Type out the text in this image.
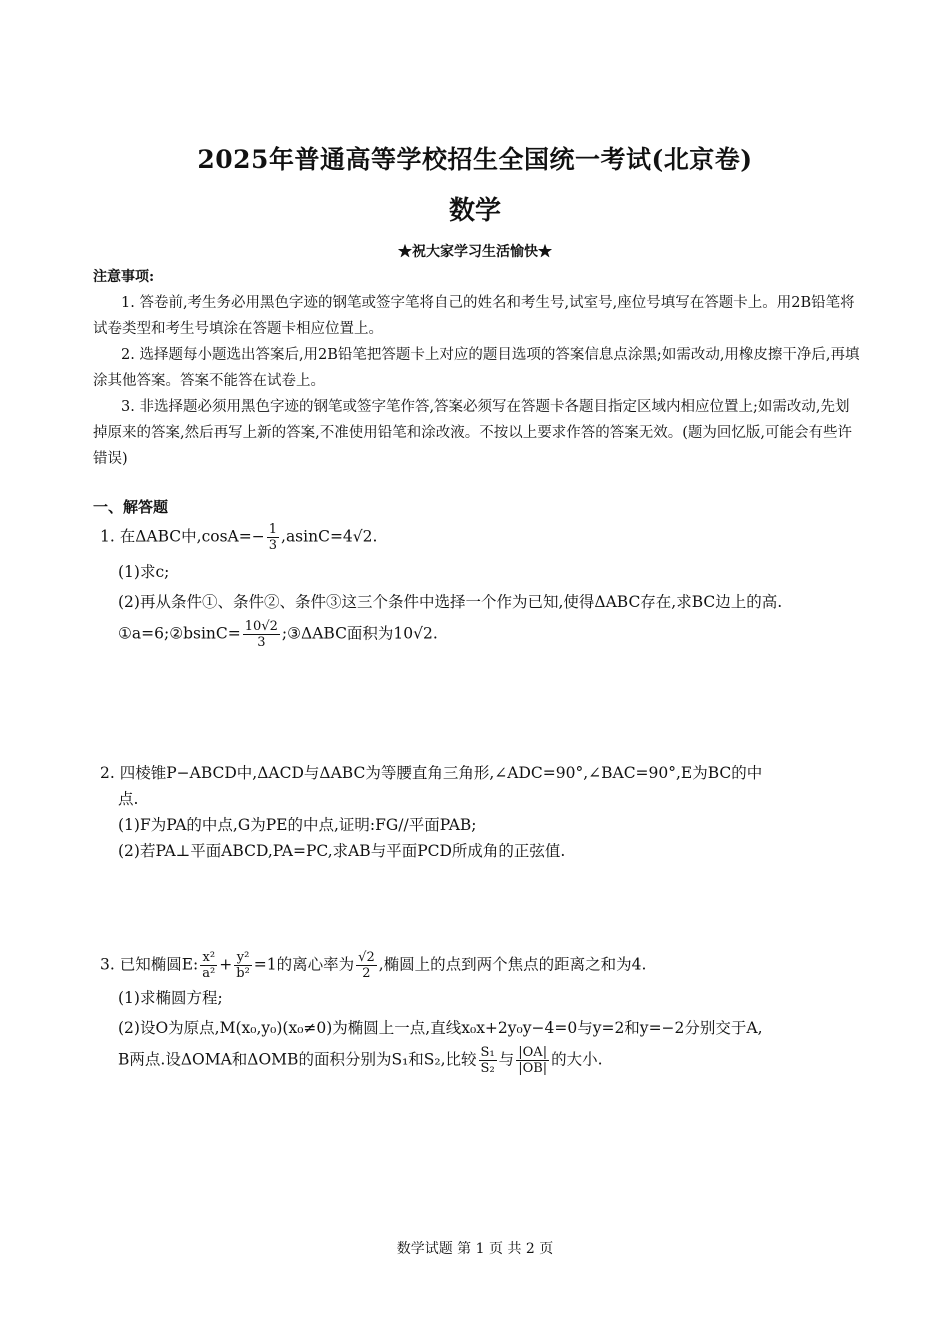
2025年普通高等学校招生全国统一考试(北京卷)
数学
★祝大家学习生活愉快★
注意事项:

1. 答卷前,考生务必用黑色字迹的钢笔或签字笔将自己的姓名和考生号,试室号,座位号填写在答题卡上。用2B铅笔将试卷类型和考生号填涂在答题卡相应位置上。

2. 选择题每小题选出答案后,用2B铅笔把答题卡上对应的题目选项的答案信息点涂黑;如需改动,用橡皮擦干净后,再填涂其他答案。答案不能答在试卷上。

3. 非选择题必须用黑色字迹的钢笔或签字笔作答,答案必须写在答题卡各题目指定区域内相应位置上;如需改动,先划掉原来的答案,然后再写上新的答案,不准使用铅笔和涂改液。不按以上要求作答的答案无效。(题为回忆版,可能会有些许错误)

一、解答题
1. 在ΔABC中$,\cos A=- \frac{1}{3} ,asinC=4√2$.
(1)求c;
(2)再从条件①、条件②、条件③这三个条件中选择一个作为已知,使得ΔABC存在,求BC边上的高.
①a=6;②bsinC= $\frac{10√2}{3}$ ;③ΔABC面积为10√2.
2. 四棱锥P−ABCD中,ΔACD与ΔABC为等腰直角三角形,∠ADC=90°,∠BAC=90°,E为BC的中
点.
(1)F为PA的中点,G为PE的中点,证明:FG//平面PAB;
(2)若PA⊥平面ABCD,PA=PC,求AB与平面PCD所成角的正弦值.
3. 已知椭圆E: $\frac{\text{x²}}{\text{a²}} + \frac{\text{y²}}{\text{b²}} =1$的离心率为 $\frac{√2}{2}$ ,椭圆上的点到两个焦点的距离之和为4.
(1)求椭圆方程;
(2)设O为原点,M(x₀,y₀)(x₀≠0)为椭圆上一点,直线x₀x+2y₀y−4=0与y=2和y=−2分别交于A,
B两点.设ΔOMA和ΔOMB的面积分别为S₁和S₂,比较 $\frac{\text{S₁}}{\text{S₂}}$ 与 $\frac{|OA|}{|OB|}$ 的大小.
数学试题 第 1 页 共 2 页
